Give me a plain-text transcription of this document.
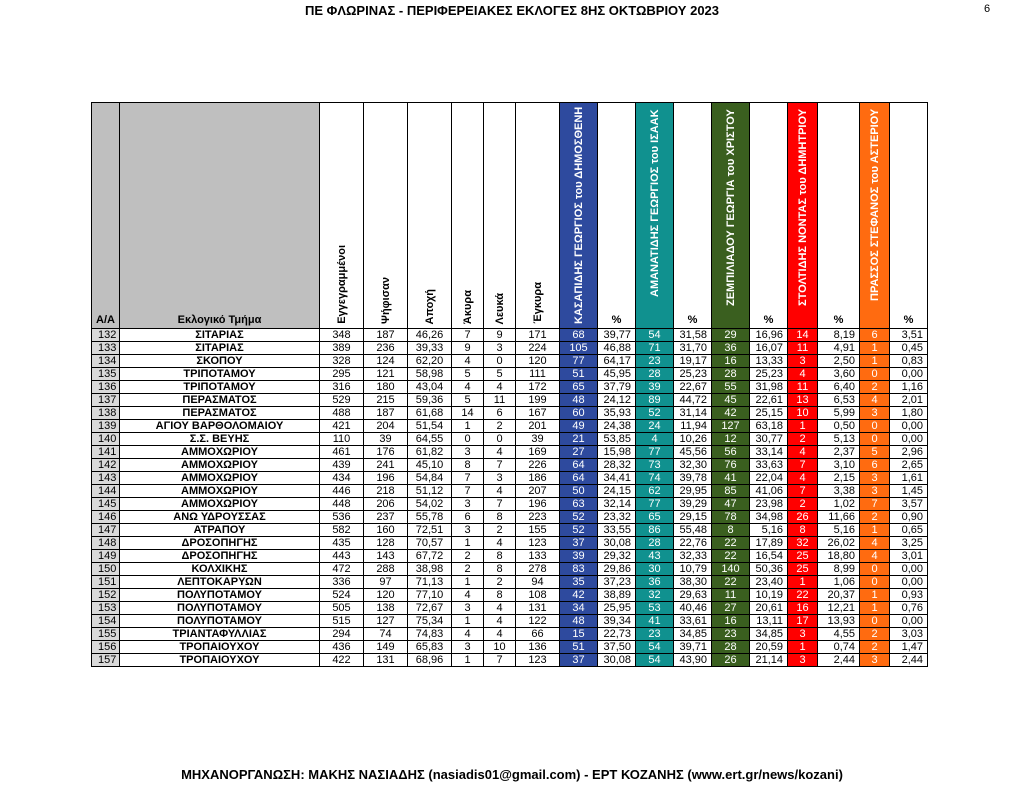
ΠΕ ΦΛΩΡΙΝΑΣ - ΠΕΡΙΦΕΡΕΙΑΚΕΣ ΕΚΛΟΓΕΣ 8ΗΣ ΟΚΤΩΒΡΙΟΥ 2023	6
Α/Α	Εκλογικό Τμήμα	Εγγεγραμμένοι	Ψήφισαν	Αποχή	Άκυρα	Λευκά	Έγκυρα	ΚΑΣΑΠΙΔΗΣ ΓΕΩΡΓΙΟΣ του ΔΗΜΟΣΘΕΝΗ	%	ΑΜΑΝΑΤΙΔΗΣ ΓΕΩΡΓΙΟΣ του ΙΣΑΑΚ	%	ΖΕΜΠΙΛΙΑΔΟΥ ΓΕΩΡΓΙΑ του ΧΡΙΣΤΟΥ	%	ΣΤΟΛΤΙΔΗΣ ΝΟΝΤΑΣ του ΔΗΜΗΤΡΙΟΥ	%	ΠΡΑΣΣΟΣ ΣΤΕΦΑΝΟΣ του ΑΣΤΕΡΙΟΥ	%
132	ΣΙΤΑΡΙΑΣ	348	187	46,26	7	9	171	68	39,77	54	31,58	29	16,96	14	8,19	6	3,51
133	ΣΙΤΑΡΙΑΣ	389	236	39,33	9	3	224	105	46,88	71	31,70	36	16,07	11	4,91	1	0,45
134	ΣΚΟΠΟΥ	328	124	62,20	4	0	120	77	64,17	23	19,17	16	13,33	3	2,50	1	0,83
135	ΤΡΙΠΟΤΑΜΟΥ	295	121	58,98	5	5	111	51	45,95	28	25,23	28	25,23	4	3,60	0	0,00
136	ΤΡΙΠΟΤΑΜΟΥ	316	180	43,04	4	4	172	65	37,79	39	22,67	55	31,98	11	6,40	2	1,16
137	ΠΕΡΑΣΜΑΤΟΣ	529	215	59,36	5	11	199	48	24,12	89	44,72	45	22,61	13	6,53	4	2,01
138	ΠΕΡΑΣΜΑΤΟΣ	488	187	61,68	14	6	167	60	35,93	52	31,14	42	25,15	10	5,99	3	1,80
139	ΑΓΙΟΥ ΒΑΡΘΟΛΟΜΑΙΟΥ	421	204	51,54	1	2	201	49	24,38	24	11,94	127	63,18	1	0,50	0	0,00
140	Σ.Σ. ΒΕΥΗΣ	110	39	64,55	0	0	39	21	53,85	4	10,26	12	30,77	2	5,13	0	0,00
141	ΑΜΜΟΧΩΡΙΟΥ	461	176	61,82	3	4	169	27	15,98	77	45,56	56	33,14	4	2,37	5	2,96
142	ΑΜΜΟΧΩΡΙΟΥ	439	241	45,10	8	7	226	64	28,32	73	32,30	76	33,63	7	3,10	6	2,65
143	ΑΜΜΟΧΩΡΙΟΥ	434	196	54,84	7	3	186	64	34,41	74	39,78	41	22,04	4	2,15	3	1,61
144	ΑΜΜΟΧΩΡΙΟΥ	446	218	51,12	7	4	207	50	24,15	62	29,95	85	41,06	7	3,38	3	1,45
145	ΑΜΜΟΧΩΡΙΟΥ	448	206	54,02	3	7	196	63	32,14	77	39,29	47	23,98	2	1,02	7	3,57
146	ΑΝΩ ΥΔΡΟΥΣΣΑΣ	536	237	55,78	6	8	223	52	23,32	65	29,15	78	34,98	26	11,66	2	0,90
147	ΑΤΡΑΠΟΥ	582	160	72,51	3	2	155	52	33,55	86	55,48	8	5,16	8	5,16	1	0,65
148	ΔΡΟΣΟΠΗΓΗΣ	435	128	70,57	1	4	123	37	30,08	28	22,76	22	17,89	32	26,02	4	3,25
149	ΔΡΟΣΟΠΗΓΗΣ	443	143	67,72	2	8	133	39	29,32	43	32,33	22	16,54	25	18,80	4	3,01
150	ΚΟΛΧΙΚΗΣ	472	288	38,98	2	8	278	83	29,86	30	10,79	140	50,36	25	8,99	0	0,00
151	ΛΕΠΤΟΚΑΡΥΩΝ	336	97	71,13	1	2	94	35	37,23	36	38,30	22	23,40	1	1,06	0	0,00
152	ΠΟΛΥΠΟΤΑΜΟΥ	524	120	77,10	4	8	108	42	38,89	32	29,63	11	10,19	22	20,37	1	0,93
153	ΠΟΛΥΠΟΤΑΜΟΥ	505	138	72,67	3	4	131	34	25,95	53	40,46	27	20,61	16	12,21	1	0,76
154	ΠΟΛΥΠΟΤΑΜΟΥ	515	127	75,34	1	4	122	48	39,34	41	33,61	16	13,11	17	13,93	0	0,00
155	ΤΡΙΑΝΤΑΦΥΛΛΙΑΣ	294	74	74,83	4	4	66	15	22,73	23	34,85	23	34,85	3	4,55	2	3,03
156	ΤΡΟΠΑΙΟΥΧΟΥ	436	149	65,83	3	10	136	51	37,50	54	39,71	28	20,59	1	0,74	2	1,47
157	ΤΡΟΠΑΙΟΥΧΟΥ	422	131	68,96	1	7	123	37	30,08	54	43,90	26	21,14	3	2,44	3	2,44
ΜΗΧΑΝΟΡΓΑΝΩΣΗ: ΜΑΚΗΣ ΝΑΣΙΑΔΗΣ (nasiadis01@gmail.com) - ΕΡΤ ΚΟΖΑΝΗΣ (www.ert.gr/news/kozani)
